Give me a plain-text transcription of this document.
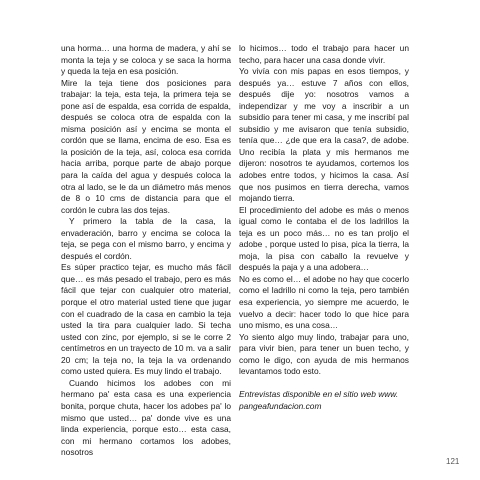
una horma… una horma de madera, y ahí se monta la teja y se coloca y se saca la horma y queda la teja en esa posición.

Mire la teja tiene dos posiciones para trabajar: la teja, esta teja, la primera teja se pone así de espalda, esa corrida de espalda, después se coloca otra de espalda con la misma posición así y encima se monta el cordón que se llama, encima de eso. Esa es la posición de la teja, así, coloca esa corrida hacia arriba, porque parte de abajo porque para la caída del agua y después coloca la otra al lado, se le da un diámetro más menos de 8 o 10 cms de distancia para que el cordón le cubra las dos tejas.

Y primero la tabla de la casa, la envaderación, barro y encima se coloca la teja, se pega con el mismo barro, y encima y después el cordón.

Es súper practico tejar, es mucho más fácil que… es más pesado el trabajo, pero es más fácil que tejar con cualquier otro material, porque el otro material usted tiene que jugar con el cuadrado de la casa en cambio la teja usted la tira para cualquier lado. Si techa usted con zinc, por ejemplo, si se le corre 2 centímetros en un trayecto de 10 m. va a salir 20 cm; la teja no, la teja la va ordenando como usted quiera. Es muy lindo el trabajo.

Cuando hicimos los adobes con mi hermano pa' esta casa es una experiencia bonita, porque chuta, hacer los adobes pa' lo mismo que usted… pa' donde vive es una linda experiencia, porque esto… esta casa, con mi hermano cortamos los adobes, nosotros

lo hicimos… todo el trabajo para hacer un techo, para hacer una casa donde vivir.

Yo vivía con mis papas en esos tiempos, y después ya… estuve 7 años con ellos, después dije yo: nosotros vamos a independizar y me voy a inscribir a un subsidio para tener mi casa, y me inscribí pal subsidio y me avisaron que tenía subsidio, tenía que… ¿de que era la casa?, de adobe. Uno recibía la plata y mis hermanos me dijeron: nosotros te ayudamos, cortemos los adobes entre todos, y hicimos la casa. Así que nos pusimos en tierra derecha, vamos mojando tierra.

El procedimiento del adobe es más o menos igual como le contaba el de los ladrillos la teja es un poco más… no es tan proljo el adobe , porque usted lo pisa, pica la tierra, la moja, la pisa con caballo la revuelve y después la paja y a una adobera…

No es como el… el adobe no hay que cocerlo como el ladrillo ni como la teja, pero también esa experiencia, yo siempre me acuerdo, le vuelvo a decir: hacer todo lo que hice para uno mismo, es una cosa…

Yo siento algo muy lindo, trabajar para uno, para vivir bien, para tener un buen techo, y como le digo, con ayuda de mis hermanos levantamos todo esto.

Entrevistas disponible en el sitio web www. pangeafundacion.com

121
